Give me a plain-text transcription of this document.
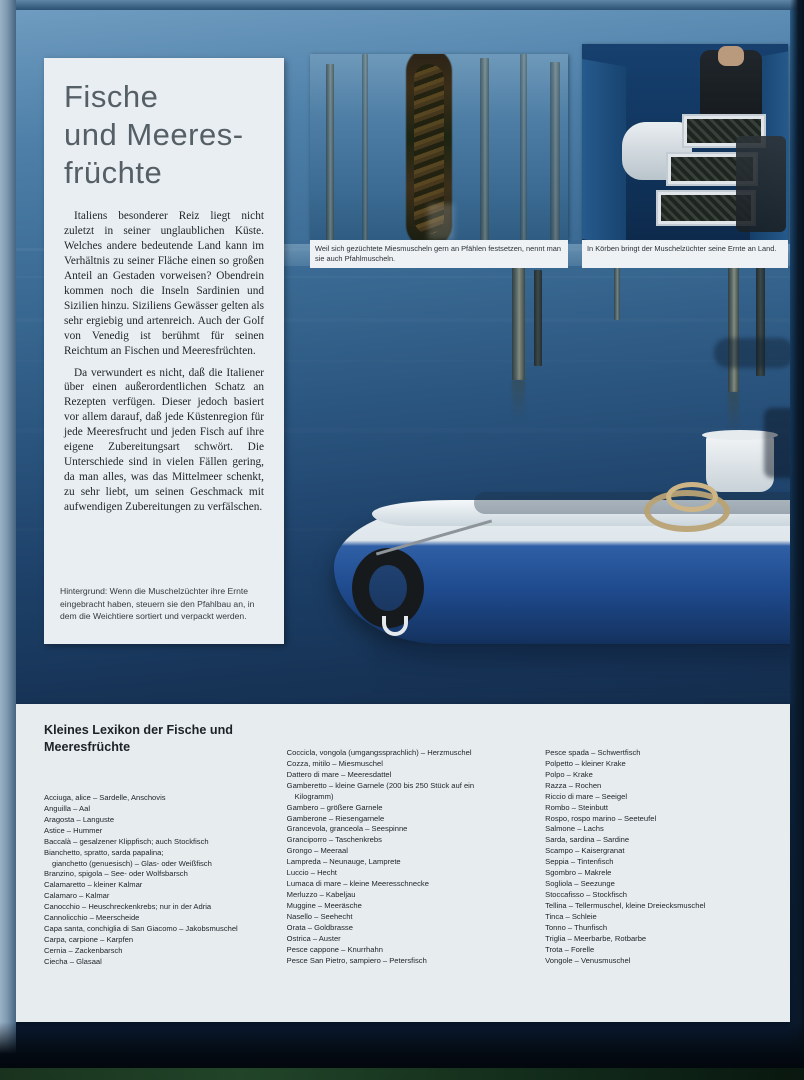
Fische
und Meeres-
früchte

Italiens besonderer Reiz liegt nicht zuletzt in seiner unglaublichen Küste. Welches andere bedeutende Land kann im Verhältnis zu seiner Fläche einen so großen Anteil an Gestaden vorweisen? Obendrein kommen noch die Inseln Sardinien und Sizilien hinzu. Siziliens Gewässer gelten als sehr ergiebig und artenreich. Auch der Golf von Venedig ist berühmt für seinen Reichtum an Fischen und Meeresfrüchten.

Da verwundert es nicht, daß die Italiener über einen außerordentlichen Schatz an Rezepten verfügen. Dieser jedoch basiert vor allem darauf, daß jede Küstenregion für jede Meeresfrucht und jeden Fisch auf ihre eigene Zubereitungsart schwört. Die Unterschiede sind in vielen Fällen gering, da man alles, was das Mittelmeer schenkt, zu sehr liebt, um seinen Geschmack mit aufwendigen Zubereitungen zu verfälschen.

Hintergrund: Wenn die Muschelzüchter ihre Ernte eingebracht haben, steuern sie den Pfahlbau an, in dem die Weichtiere sortiert und verpackt werden.
Weil sich gezüchtete Miesmuscheln gern an Pfählen festsetzen, nennt man sie auch Pfahlmuscheln.
In Körben bringt der Muschelzüchter seine Ernte an Land.
Kleines Lexikon der Fische und Meeresfrüchte
Acciuga, alice – Sardelle, Anschovis
Anguilla – Aal
Aragosta – Languste
Astice – Hummer
Baccalà – gesalzener Klippfisch; auch Stockfisch
Bianchetto, spratto, sarda papalina;
gianchetto (genuesisch) – Glas- oder Weißfisch
Branzino, spigola – See- oder Wolfsbarsch
Calamaretto – kleiner Kalmar
Calamaro – Kalmar
Canocchio – Heuschreckenkrebs; nur in der Adria
Cannolicchio – Meerscheide
Capa santa, conchiglia di San Giacomo – Jakobsmuschel
Carpa, carpione – Karpfen
Cernia – Zackenbarsch
Ciecha – Glasaal
Coccicla, vongola (umgangssprachlich) – Herzmuschel
Cozza, mitilo – Miesmuschel
Dattero di mare – Meeresdattel
Gamberetto – kleine Garnele (200 bis 250 Stück auf ein
Kilogramm)
Gambero – größere Garnele
Gamberone – Riesengarnele
Grancevola, granceola – Seespinne
Granciporro – Taschenkrebs
Grongo – Meeraal
Lampreda – Neunauge, Lamprete
Luccio – Hecht
Lumaca di mare – kleine Meeresschnecke
Merluzzo – Kabeljau
Muggine – Meeräsche
Nasello – Seehecht
Orata – Goldbrasse
Ostrica – Auster
Pesce cappone – Knurrhahn
Pesce San Pietro, sampiero – Petersfisch
Pesce spada – Schwertfisch
Polpetto – kleiner Krake
Polpo – Krake
Razza – Rochen
Riccio di mare – Seeigel
Rombo – Steinbutt
Rospo, rospo marino – Seeteufel
Salmone – Lachs
Sarda, sardina – Sardine
Scampo – Kaisergranat
Seppia – Tintenfisch
Sgombro – Makrele
Sogliola – Seezunge
Stoccafisso – Stockfisch
Tellina – Tellermuschel, kleine Dreiecksmuschel
Tinca – Schleie
Tonno – Thunfisch
Triglia – Meerbarbe, Rotbarbe
Trota – Forelle
Vongole – Venusmuschel
